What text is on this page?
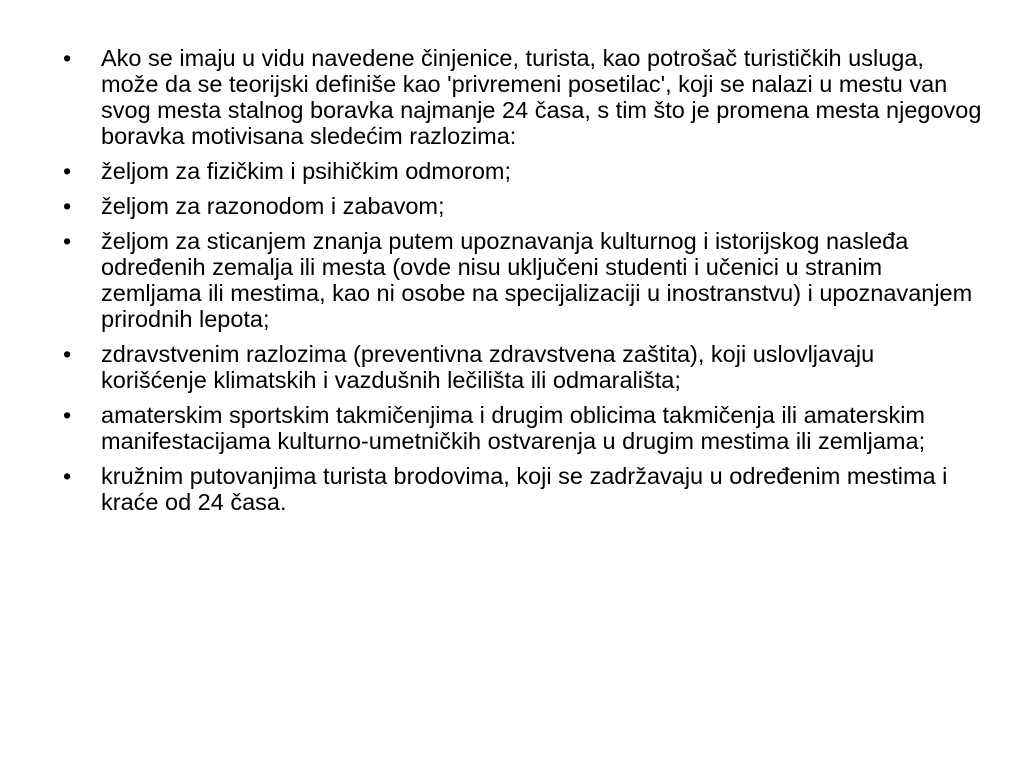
•	Ako se imaju u vidu navedene činjenice, turista, kao potrošač turističkih usluga, može da se teorijski definiše kao 'privremeni posetilac', koji se nalazi u mestu van svog mesta stalnog boravka najmanje 24 časa, s tim što je promena mesta njegovog boravka motivisana sledećim razlozima:
•	željom za fizičkim i psihičkim odmorom;
•	željom za razonodom i zabavom;
•	željom za sticanjem znanja putem upoznavanja kulturnog i istorijskog nasleđa određenih zemalja ili mesta (ovde nisu uključeni studenti i učenici u stranim zemljama ili mestima, kao ni osobe na specijalizaciji u inostranstvu) i upoznavanjem prirodnih lepota;
•	zdravstvenim razlozima (preventivna zdravstvena zaštita), koji uslovljavaju korišćenje klimatskih i vazdušnih lečilišta ili odmarališta;
•	amaterskim sportskim takmičenjima i drugim oblicima takmičenja ili amaterskim manifestacijama kulturno-umetničkih ostvarenja u drugim mestima ili zemljama;
•	kružnim putovanjima turista brodovima, koji se zadržavaju u određenim mestima i kraće od 24 časa.
